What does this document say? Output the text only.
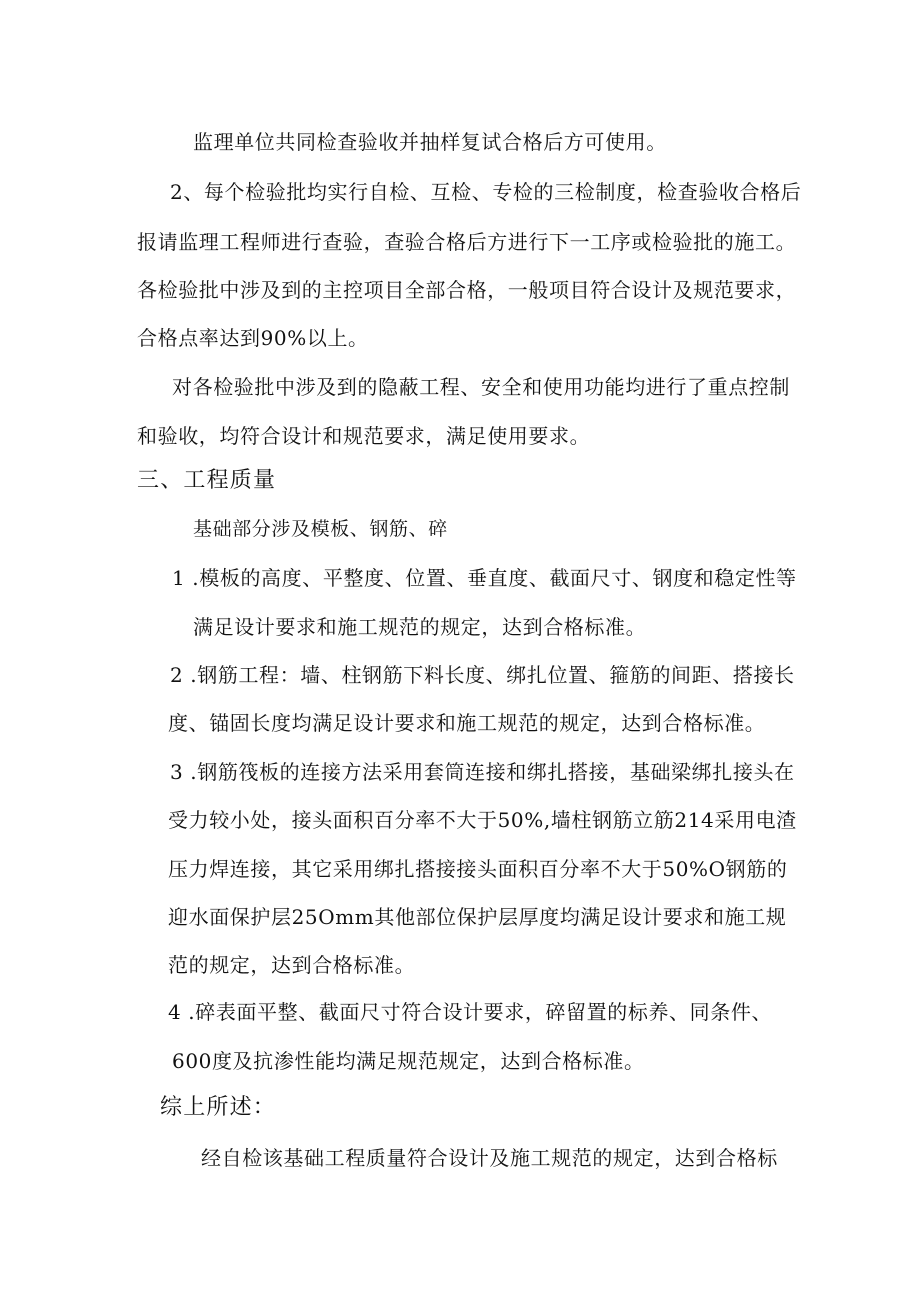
监理单位共同检查验收并抽样复试合格后方可使用。
2、每个检验批均实行自检、互检、专检的三检制度，检查验收合格后
报请监理工程师进行查验，查验合格后方进行下一工序或检验批的施工。
各检验批中涉及到的主控项目全部合格，一般项目符合设计及规范要求，
合格点率达到90%以上。
对各检验批中涉及到的隐蔽工程、安全和使用功能均进行了重点控制
和验收，均符合设计和规范要求，满足使用要求。
三、工程质量
基础部分涉及模板、钢筋、碎
1 .模板的高度、平整度、位置、垂直度、截面尺寸、钢度和稳定性等
满足设计要求和施工规范的规定，达到合格标准。
2 .钢筋工程：墙、柱钢筋下料长度、绑扎位置、箍筋的间距、搭接长
度、锚固长度均满足设计要求和施工规范的规定，达到合格标准。
3 .钢筋筏板的连接方法采用套筒连接和绑扎搭接，基础梁绑扎接头在
受力较小处，接头面积百分率不大于50%,墙柱钢筋立筋214采用电渣
压力焊连接，其它采用绑扎搭接接头面积百分率不大于50%O钢筋的
迎水面保护层25Omm其他部位保护层厚度均满足设计要求和施工规
范的规定，达到合格标准。
4 .碎表面平整、截面尺寸符合设计要求，碎留置的标养、同条件、
600度及抗渗性能均满足规范规定，达到合格标准。
综上所述：
经自检该基础工程质量符合设计及施工规范的规定，达到合格标
